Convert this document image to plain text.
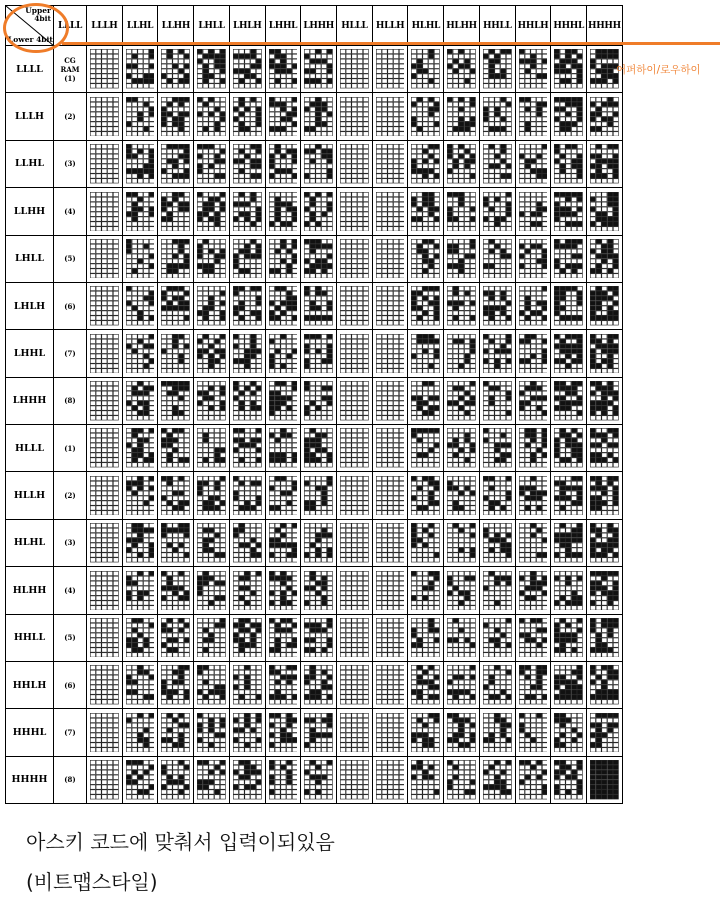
Upper 4bit
Lower 4bit	LLLL	LLLH	LLHL	LLHH	LHLL	LHLH	LHHL	LHHH	HLLL	HLLH	HLHL	HLHH	HHLL	HHLH	HHHL	HHHH
LLLL	CG RAM (1)	

LLLH	(2)	

LLHL	(3)	

LLHH	(4)	

LHLL	(5)	

LHLH	(6)	

LHHL	(7)	

LHHH	(8)	

HLLL	(1)	

HLLH	(2)	

HLHL	(3)	

HLHH	(4)	

HHLL	(5)	

HHLH	(6)	

HHHL	(7)	

HHHH	(8)	

어퍼하이/로우하이
아스키 코드에 맞춰서 입력이되있음
(비트맵스타일)
